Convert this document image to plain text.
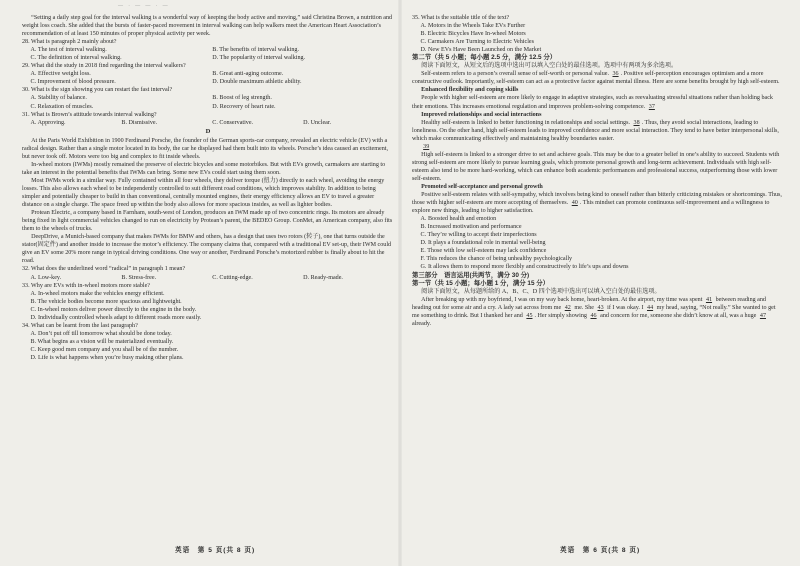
— · — — · —

“Setting a daily step goal for the interval walking is a wonderful way of keeping the body active and moving,” said Christina Brown, a nutrition and weight loss coach. She added that the bursts of faster-paced movement in interval walking can help walkers meet the American Heart Association’s recommendation of at least 150 minutes of proper physical activity per week.

28. What is paragraph 2 mainly about?

A. The test of interval walking.	B. The benefits of interval walking.
C. The definition of interval walking.	D. The popularity of interval walking.

29. What did the study in 2018 find regarding the interval walkers?

A. Effective weight loss.	B. Great anti-aging outcome.
C. Improvement of blood pressure.	D. Double maximum athletic ability.

30. What is the sign showing you can restart the fast interval?

A. Stability of balance.	B. Boost of leg strength.
C. Relaxation of muscles.	D. Recovery of heart rate.

31. What is Brown’s attitude towards interval walking?

A. Approving.	B. Dismissive.	C. Conservative.	D. Unclear.

D

At the Paris World Exhibition in 1900 Ferdinand Porsche, the founder of the German sports-car company, revealed an electric vehicle (EV) with a radical design. Rather than a single motor located in its body, the car he displayed had them built into its wheels. Porsche’s idea caused an excitement, but never took off. Motors were too big and complex to fit inside wheels.

In-wheel motors (IWMs) mostly remained the preserve of electric bicycles and some motorbikes. But with EVs growth, carmakers are starting to take an interest in the potential benefits that IWMs can bring. Some new EVs could start using them soon.

Most IWMs work in a similar way. Fully contained within all four wheels, they deliver torque (扭力) directly to each wheel, avoiding the energy losses. This also allows each wheel to be independently controlled to suit different road conditions, which improves stability. In addition to being simpler and potentially cheaper to build in than conventional, centrally mounted engines, their energy efficiency allows an EV to travel a greater distance on a single charge. The space freed up within the body also allows for more spacious insides, as well as lighter bodies.

Protean Electric, a company based in Farnham, south-west of London, produces an IWM made up of two concentric rings. Its motors are already being fixed in light commercial vehicles changed to run on electricity by Protean’s parent, the BEDEO Group. ConMet, an American company, also fits them to the wheels of trucks.

DeepDrive, a Munich-based company that makes IWMs for BMW and others, has a design that uses two rotors (转子), one that turns outside the stator(固定件) and another inside to increase the motor’s efficiency. The company claims that, compared with a traditional EV set-up, their IWM could give an EV some 20% more range in typical driving conditions. One way or another, Ferdinand Porsche’s motorized rubber is finally about to hit the road.

32. What does the underlined word “radical” in paragraph 1 mean?

A. Low-key.	B. Stress-free.	C. Cutting-edge.	D. Ready-made.

33. Why are EVs with in-wheel motors more stable?

A. In-wheel motors make the vehicles energy efficient.

B. The vehicle bodies become more spacious and lightweight.

C. In-wheel motors deliver power directly to the engine in the body.

D. Individually controlled wheels adapt to different roads more easily.

34. What can be learnt from the last paragraph?

A. Don’t put off till tomorrow what should be done today.

B. What begins as a vision will be materialized eventually.

C. Keep good men company and you shall be of the number.

D. Life is what happens when you’re busy making other plans.

英语　第 5 页(共 8 页)

35. What is the suitable title of the text?

A. Motors in the Wheels Take EVs Further

B. Electric Bicycles Have In-wheel Motors

C. Carmakers Are Turning to Electric Vehicles

D. New EVs Have Been Launched on the Market

第二节（共 5 小题；每小题 2.5 分，满分 12.5 分）

阅读下面短文，从短文后的选项中选出可以填入空白处的最佳选项。选项中有两项为多余选项。

Self-esteem refers to a person’s overall sense of self-worth or personal value. 36 . Positive self-perception encourages optimism and a more constructive outlook. Importantly, self-esteem can act as a protective factor against mental illness. Here are some benefits brought by high self-esteem.

Enhanced flexibility and coping skills

People with higher self-esteem are more likely to engage in adaptive strategies, such as reevaluating stressful situations rather than holding back their emotions. This increases emotional regulation and improves problem-solving competence. 37

Improved relationships and social interactions

Healthy self-esteem is linked to better functioning in relationships and social settings. 38 . Thus, they avoid social interactions, leading to loneliness. On the other hand, high self-esteem leads to improved confidence and more social interaction. They tend to have better interpersonal skills, which make communicating effectively and maintaining healthy boundaries easier.

39

High self-esteem is linked to a stronger drive to set and achieve goals. This may be due to a greater belief in one’s ability to succeed. Students with strong self-esteem are more likely to pursue learning goals, which promote personal growth and long-term achievement. Individuals with high self-esteem also tend to be more hard-working, which can enhance both academic performances and professional success, outperforming those with lower self-esteem.

Promoted self-acceptance and personal growth

Positive self-esteem relates with self-sympathy, which involves being kind to oneself rather than bitterly criticizing mistakes or shortcomings. Thus, those with higher self-esteem are more accepting of themselves. 40 . This mindset can promote continuous self-improvement and a willingness to explore new things, leading to higher satisfaction.

A. Boosted health and emotion

B. Increased motivation and performance

C. They’re willing to accept their imperfections

D. It plays a foundational role in mental well-being

E. Those with low self-esteem may lack confidence

F. This reduces the chance of being unhealthy psychologically

G. It allows them to respond more flexibly and constructively to life’s ups and downs

第三部分　语言运用(共两节，满分 30 分)

第一节（共 15 小题；每小题 1 分，满分 15 分）

阅读下面短文，从每题所给的 A、B、C、D 四个选项中选出可以填入空白处的最佳选项。

After breaking up with my boyfriend, I was on my way back home, heart-broken. At the airport, my time was spent 41 between reading and heading out for some air and a cry. A lady sat across from me 42 me. She 43 if I was okay. I 44 my head, saying, “Not really.” She wanted to get me something to drink. But I thanked her and 45 . Her simply showing 46 and concern for me, someone she didn’t know at all, was a huge 47 already.

英语　第 6 页(共 8 页)
